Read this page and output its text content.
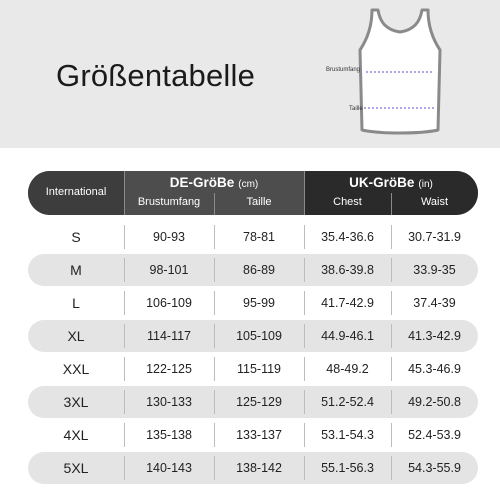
Größentabelle	Brustumfang
Taille
International
DE-GröBe (cm)
Brustumfang	Taille
UK-GröBe (in)
Chest	Waist
S	90-93	78-81	35.4-36.6	30.7-31.9
M	98-101	86-89	38.6-39.8	33.9-35
L	106-109	95-99	41.7-42.9	37.4-39
XL	114-117	105-109	44.9-46.1	41.3-42.9
XXL	122-125	115-119	48-49.2	45.3-46.9
3XL	130-133	125-129	51.2-52.4	49.2-50.8
4XL	135-138	133-137	53.1-54.3	52.4-53.9
5XL	140-143	138-142	55.1-56.3	54.3-55.9
